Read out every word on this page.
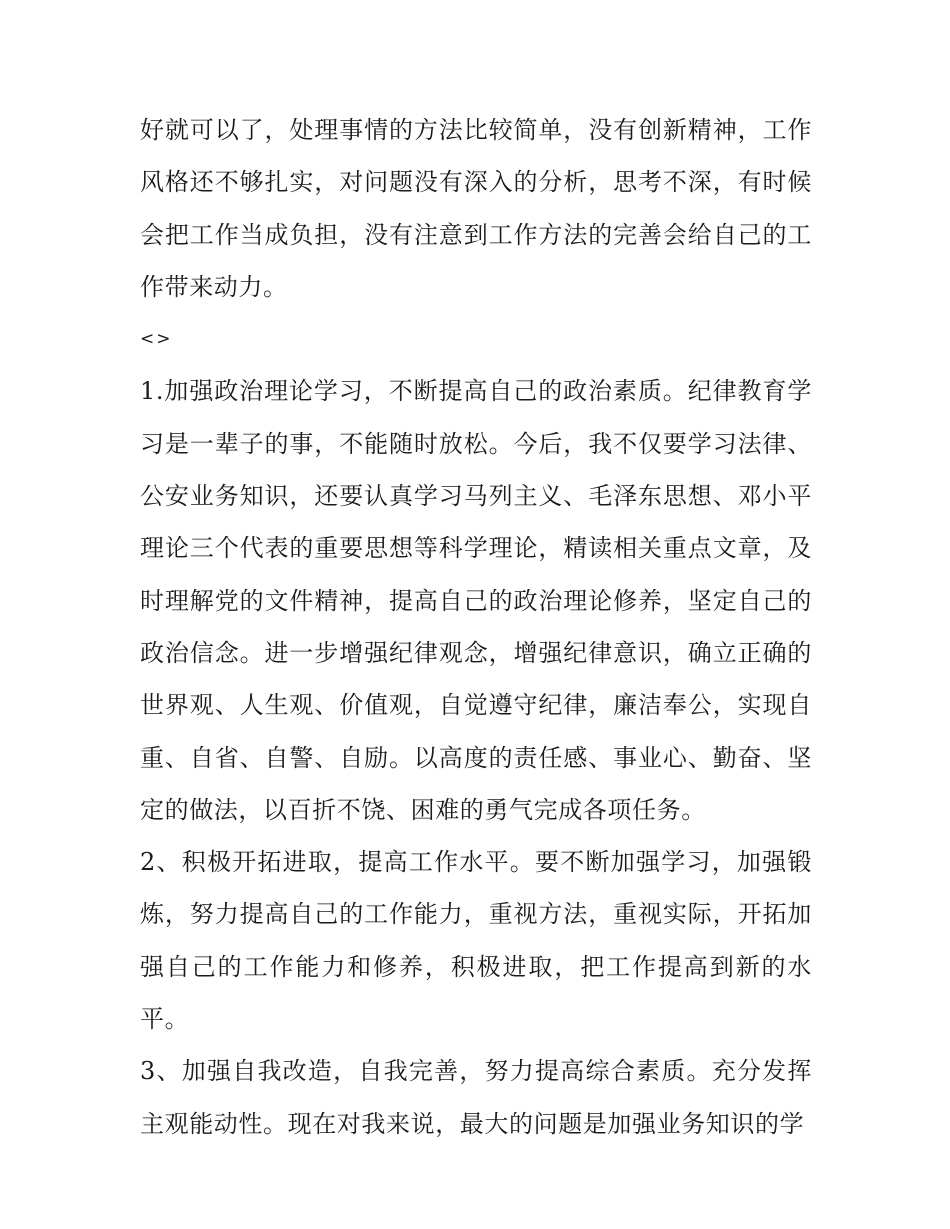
好就可以了，处理事情的方法比较简单，没有创新精神，工作风格还不够扎实，对问题没有深入的分析，思考不深，有时候会把工作当成负担，没有注意到工作方法的完善会给自己的工作带来动力。

<>

1.加强政治理论学习，不断提高自己的政治素质。纪律教育学习是一辈子的事，不能随时放松。今后，我不仅要学习法律、公安业务知识，还要认真学习马列主义、毛泽东思想、邓小平理论三个代表的重要思想等科学理论，精读相关重点文章，及时理解党的文件精神，提高自己的政治理论修养，坚定自己的政治信念。进一步增强纪律观念，增强纪律意识，确立正确的世界观、人生观、价值观，自觉遵守纪律，廉洁奉公，实现自重、自省、自警、自励。以高度的责任感、事业心、勤奋、坚定的做法，以百折不饶、困难的勇气完成各项任务。

2、积极开拓进取，提高工作水平。要不断加强学习，加强锻炼，努力提高自己的工作能力，重视方法，重视实际，开拓加强自己的工作能力和修养，积极进取，把工作提高到新的水平。

3、加强自我改造，自我完善，努力提高综合素质。充分发挥主观能动性。现在对我来说，最大的问题是加强业务知识的学
